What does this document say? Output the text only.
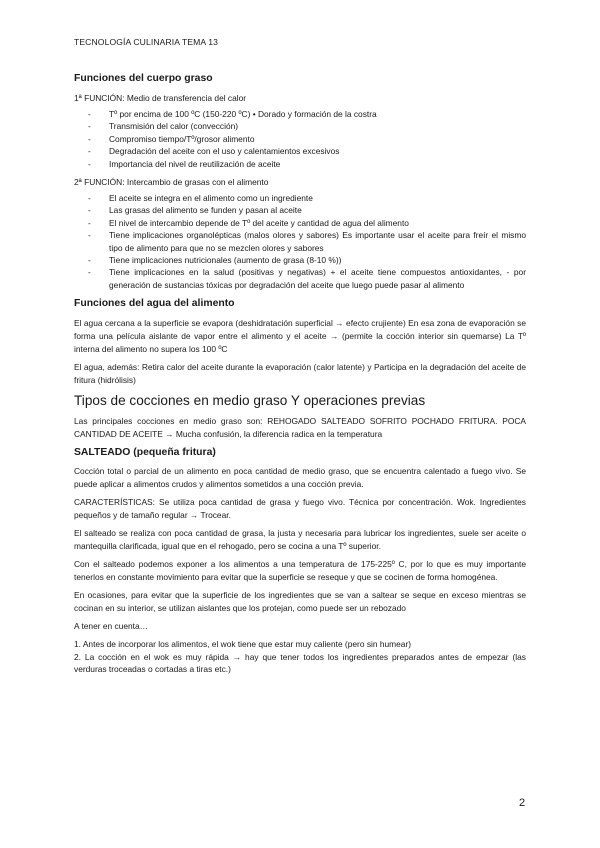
TECNOLOGÍA CULINARIA TEMA 13
Funciones del cuerpo graso
1ª FUNCIÓN: Medio de transferencia del calor
- Tº por encima de 100 ºC (150-220 ºC) • Dorado y formación de la costra
- Transmisión del calor (convección)
- Compromiso tiempo/Tº/grosor alimento
- Degradación del aceite con el uso y calentamientos excesivos
- Importancia del nivel de reutilización de aceite
2ª FUNCIÓN: Intercambio de grasas con el alimento
- El aceite se integra en el alimento como un ingrediente
- Las grasas del alimento se funden y pasan al aceite
- El nivel de intercambio depende de Tº del aceite y cantidad de agua del alimento
- Tiene implicaciones organolépticas (malos olores y sabores) Es importante usar el aceite para freír el mismo tipo de alimento para que no se mezclen olores y sabores
- Tiene implicaciones nutricionales (aumento de grasa (8-10 %))
- Tiene implicaciones en la salud (positivas y negativas) + el aceite tiene compuestos antioxidantes, - por generación de sustancias tóxicas por degradación del aceite que luego puede pasar al alimento
Funciones del agua del alimento
El agua cercana a la superficie se evapora (deshidratación superficial → efecto crujiente) En esa zona de evaporación se forma una película aislante de vapor entre el alimento y el aceite → (permite la cocción interior sin quemarse) La Tº interna del alimento no supera los 100 ºC
El agua, además: Retira calor del aceite durante la evaporación (calor latente) y Participa en la degradación del aceite de fritura (hidrólisis)
Tipos de cocciones en medio graso Y operaciones previas
Las principales cocciones en medio graso son: REHOGADO SALTEADO SOFRITO POCHADO FRITURA. POCA CANTIDAD DE ACEITE → Mucha confusión, la diferencia radica en la temperatura
SALTEADO (pequeña fritura)
Cocción total o parcial de un alimento en poca cantidad de medio graso, que se encuentra calentado a fuego vivo. Se puede aplicar a alimentos crudos y alimentos sometidos a una cocción previa.
CARACTERÍSTICAS: Se utiliza poca cantidad de grasa y fuego vivo. Técnica por concentración. Wok. Ingredientes pequeños y de tamaño regular → Trocear.
El salteado se realiza con poca cantidad de grasa, la justa y necesaria para lubricar los ingredientes, suele ser aceite o mantequilla clarificada, igual que en el rehogado, pero se cocina a una Tº superior.
Con el salteado podemos exponer a los alimentos a una temperatura de 175-225º C, por lo que es muy importante tenerlos en constante movimiento para evitar que la superficie se reseque y que se cocinen de forma homogénea.
En ocasiones, para evitar que la superficie de los ingredientes que se van a saltear se seque en exceso mientras se cocinan en su interior, se utilizan aislantes que los protejan, como puede ser un rebozado
A tener en cuenta…
1. Antes de incorporar los alimentos, el wok tiene que estar muy caliente (pero sin humear)
2. La cocción en el wok es muy rápida → hay que tener todos los ingredientes preparados antes de empezar (las verduras troceadas o cortadas a tiras etc.)
2
